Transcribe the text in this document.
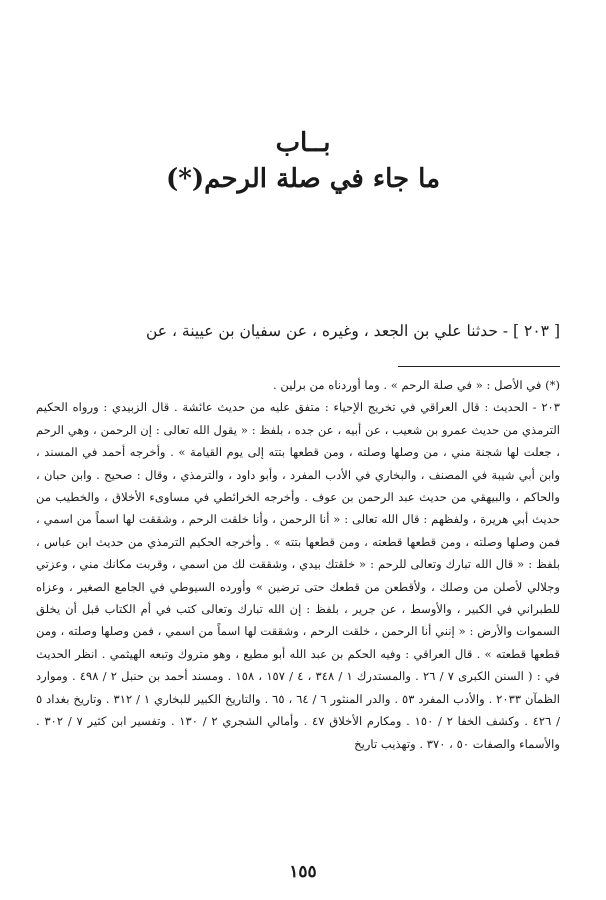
بــاب
ما جاء في صلة الرحم(*)
[ ٢٠٣ ] - حدثنا علي بن الجعد ، وغيره ، عن سفيان بن عيينة ، عن

(*) في الأصل : « في صلة الرحم » . وما أوردناه من برلين .

٢٠٣ - الحديث : قال العراقي في تخريج الإحياء : متفق عليه من حديث عائشة . قال الزبيدي : ورواه الحكيم الترمذي من حديث عمرو بن شعيب ، عن أبيه ، عن جده ، بلفظ : « يقول الله تعالى : إن الرحمن ، وهي الرحم ، جعلت لها شجنة مني ، من وصلها وصلته ، ومن قطعها بتته إلى يوم القيامة » . وأخرجه أحمد في المسند ، وابن أبي شيبة في المصنف ، والبخاري في الأدب المفرد ، وأبو داود ، والترمذي ، وقال : صحيح . وابن حبان ، والحاكم ، والبيهقي من حديث عبد الرحمن بن عوف . وأخرجه الخرائطي في مساوىء الأخلاق ، والخطيب من حديث أبي هريرة ، ولفظهم : قال الله تعالى : « أنا الرحمن ، وأنا خلقت الرحم ، وشققت لها اسماً من اسمي ، فمن وصلها وصلته ، ومن قطعها قطعته ، ومن قطعها بتته » . وأخرجه الحكيم الترمذي من حديث ابن عباس ، بلفظ : « قال الله تبارك وتعالى للرحم : « خلقتك بيدي ، وشققت لك من اسمي ، وقربت مكانك مني ، وعزتي وجلالي لأصلن من وصلك ، ولأقطعن من قطعك حتى ترضين » وأورده السيوطي في الجامع الصغير ، وعزاه للطبراني في الكبير ، والأوسط ، عن جرير ، بلفظ : إن الله تبارك وتعالى كتب في أم الكتاب قبل أن يخلق السموات والأرض : « إنني أنا الرحمن ، خلقت الرحم ، وشققت لها اسماً من اسمي ، فمن وصلها وصلته ، ومن قطعها قطعته » . قال العراقي : وفيه الحكم بن عبد الله أبو مطيع ، وهو متروك وتبعه الهيثمي . انظر الحديث في : ( السنن الكبرى ٧ / ٢٦ . والمستدرك ١ / ٣٤٨ ، ٤ / ١٥٧ ، ١٥٨ . ومسند أحمد بن حنبل ٢ / ٤٩٨ . وموارد الظمآن ٢٠٣٣ . والأدب المفرد ٥٣ . والدر المنثور ٦ / ٦٤ ، ٦٥ . والتاريخ الكبير للبخاري ١ / ٣١٢ . وتاريخ بغداد ٥ / ٤٢٦ . وكشف الخفا ٢ / ١٥٠ . ومكارم الأخلاق ٤٧ . وأمالي الشجري ٢ / ١٣٠ . وتفسير ابن كثير ٧ / ٣٠٢ . والأسماء والصفات ٥٠ ، ٣٧٠ . وتهذيب تاريخ

١٥٥
